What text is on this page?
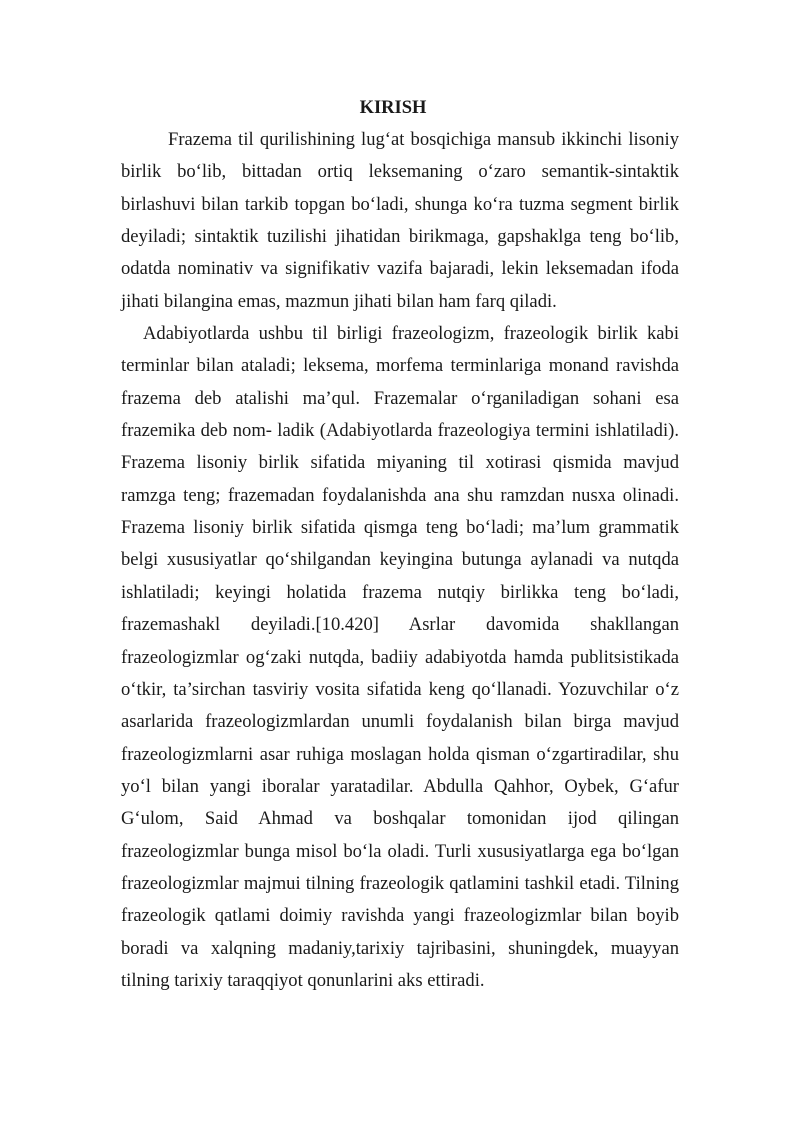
KIRISH

Frazema til qurilishining lug‘at bosqichiga mansub ikkinchi lisoniy birlik bo‘lib, bittadan ortiq leksemaning o‘zaro semantik-sintaktik birlashuvi bilan tarkib topgan bo‘ladi, shunga ko‘ra tuzma segment birlik deyiladi; sintaktik tuzilishi jihatidan birikmaga, gapshaklga teng bo‘lib, odatda nominativ va signifikativ vazifa bajaradi, lekin leksemadan ifoda jihati bilangina emas, mazmun jihati bilan ham farq qiladi.

Adabiyotlarda ushbu til birligi frazeologizm, frazeologik birlik kabi terminlar bilan ataladi; leksema, morfema terminlariga monand ravishda frazema deb atalishi ma’qul. Frazemalar o‘rganiladigan sohani esa frazemika deb nom- ladik (Adabiyotlarda frazeologiya termini ishlatiladi). Frazema lisoniy birlik sifatida miyaning til xotirasi qismida mavjud ramzga teng; frazemadan foydalanishda ana shu ramzdan nusxa olinadi. Frazema lisoniy birlik sifatida qismga teng bo‘ladi; ma’lum grammatik belgi xususiyatlar qo‘shilgandan keyingina butunga aylanadi va nutqda ishlatiladi; keyingi holatida frazema nutqiy birlikka teng bo‘ladi, frazemashakl deyiladi.[10.420] Asrlar davomida shakllangan frazeologizmlar og‘zaki nutqda, badiiy adabiyotda hamda publitsistikada o‘tkir, ta’sirchan tasviriy vosita sifatida keng qo‘llanadi. Yozuvchilar o‘z asarlarida frazeologizmlardan unumli foydalanish bilan birga mavjud frazeologizmlarni asar ruhiga moslagan holda qisman o‘zgartiradilar, shu yo‘l bilan yangi iboralar yaratadilar. Abdulla Qahhor, Oybek, G‘afur G‘ulom, Said Ahmad va boshqalar tomonidan ijod qilingan frazeologizmlar bunga misol bo‘la oladi. Turli xususiyatlarga ega bo‘lgan frazeologizmlar majmui tilning frazeologik qatlamini tashkil etadi. Tilning frazeologik qatlami doimiy ravishda yangi frazeologizmlar bilan boyib boradi va xalqning madaniy,tarixiy tajribasini, shuningdek, muayyan tilning tarixiy taraqqiyot qonunlarini aks ettiradi.
